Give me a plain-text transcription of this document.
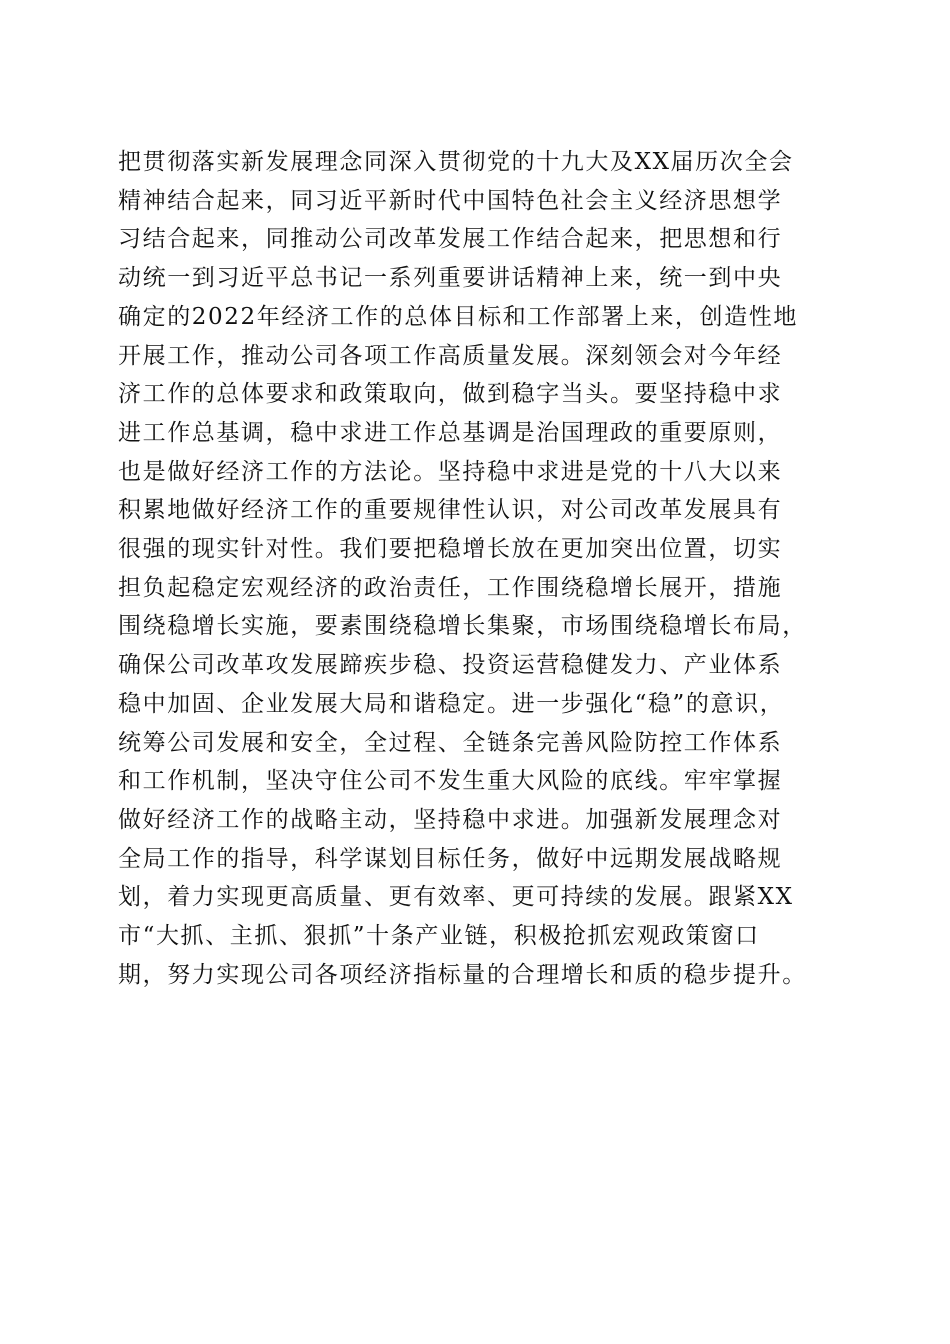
把贯彻落实新发展理念同深入贯彻党的十九大及XX届历次全会
精神结合起来，同习近平新时代中国特色社会主义经济思想学
习结合起来，同推动公司改革发展工作结合起来，把思想和行
动统一到习近平总书记一系列重要讲话精神上来，统一到中央
确定的2022年经济工作的总体目标和工作部署上来，创造性地
开展工作，推动公司各项工作高质量发展。深刻领会对今年经
济工作的总体要求和政策取向，做到稳字当头。要坚持稳中求
进工作总基调，稳中求进工作总基调是治国理政的重要原则，
也是做好经济工作的方法论。坚持稳中求进是党的十八大以来
积累地做好经济工作的重要规律性认识，对公司改革发展具有
很强的现实针对性。我们要把稳增长放在更加突出位置，切实
担负起稳定宏观经济的政治责任，工作围绕稳增长展开，措施
围绕稳增长实施，要素围绕稳增长集聚，市场围绕稳增长布局，
确保公司改革攻发展蹄疾步稳、投资运营稳健发力、产业体系
稳中加固、企业发展大局和谐稳定。进一步强化“稳”的意识，
统筹公司发展和安全，全过程、全链条完善风险防控工作体系
和工作机制，坚决守住公司不发生重大风险的底线。牢牢掌握
做好经济工作的战略主动，坚持稳中求进。加强新发展理念对
全局工作的指导，科学谋划目标任务，做好中远期发展战略规
划，着力实现更高质量、更有效率、更可持续的发展。跟紧XX
市“大抓、主抓、狠抓”十条产业链，积极抢抓宏观政策窗口
期，努力实现公司各项经济指标量的合理增长和质的稳步提升。
